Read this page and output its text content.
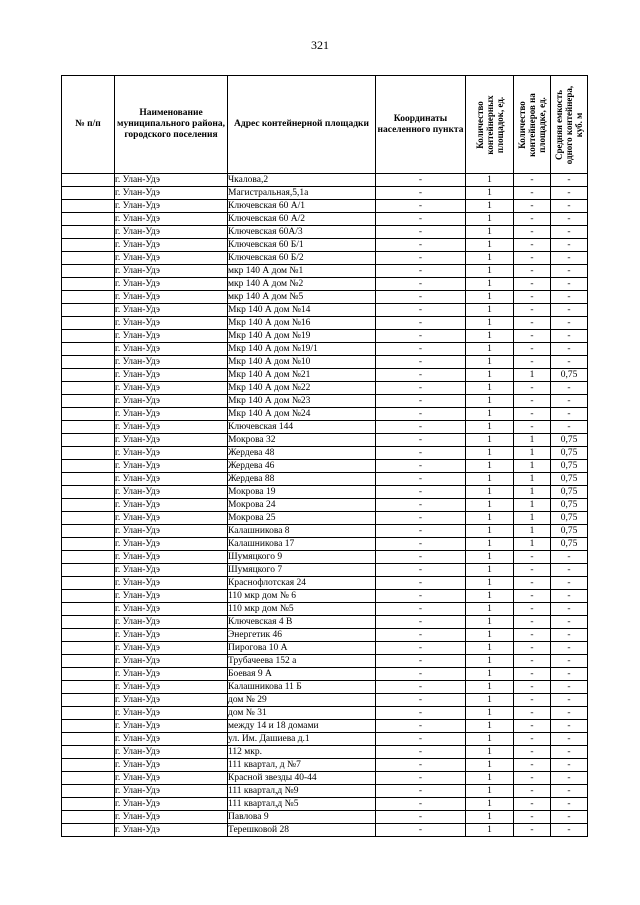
321
№ п/п	Наименование муниципального района, городского поселения	Адрес контейнерной площадки	Координаты населенного пункта	Количество контейнерных площадок, ед.	Количество контейнеров на площадке, ед.	Средняя емкость одного контейнера, куб. м

	г. Улан-Удэ	Чкалова,2	-	1	-	-
	г. Улан-Удэ	Магистральная,5,1а	-	1	-	-
	г. Улан-Удэ	Ключевская 60 А/1	-	1	-	-
	г. Улан-Удэ	Ключевская 60 А/2	-	1	-	-
	г. Улан-Удэ	Ключевская 60А/3	-	1	-	-
	г. Улан-Удэ	Ключевская 60 Б/1	-	1	-	-
	г. Улан-Удэ	Ключевская 60 Б/2	-	1	-	-
	г. Улан-Удэ	мкр 140 А дом №1	-	1	-	-
	г. Улан-Удэ	мкр 140 А дом №2	-	1	-	-
	г. Улан-Удэ	мкр 140 А дом №5	-	1	-	-
	г. Улан-Удэ	Мкр 140 А дом №14	-	1	-	-
	г. Улан-Удэ	Мкр 140 А дом №16	-	1	-	-
	г. Улан-Удэ	Мкр 140 А дом №19	-	1	-	-
	г. Улан-Удэ	Мкр 140 А дом №19/1	-	1	-	-
	г. Улан-Удэ	Мкр 140 А дом №10	-	1	-	-
	г. Улан-Удэ	Мкр 140 А дом №21	-	1	1	0,75
	г. Улан-Удэ	Мкр 140 А дом №22	-	1	-	-
	г. Улан-Удэ	Мкр 140 А дом №23	-	1	-	-
	г. Улан-Удэ	Мкр 140 А дом №24	-	1	-	-
	г. Улан-Удэ	Ключевская 144	-	1	-	-
	г. Улан-Удэ	Мокрова 32	-	1	1	0,75
	г. Улан-Удэ	Жердева 48	-	1	1	0,75
	г. Улан-Удэ	Жердева 46	-	1	1	0,75
	г. Улан-Удэ	Жердева 88	-	1	1	0,75
	г. Улан-Удэ	Мокрова 19	-	1	1	0,75
	г. Улан-Удэ	Мокрова 24	-	1	1	0,75
	г. Улан-Удэ	Мокрова 25	-	1	1	0,75
	г. Улан-Удэ	Калашникова 8	-	1	1	0,75
	г. Улан-Удэ	Калашникова 17	-	1	1	0,75
	г. Улан-Удэ	Шумяцкого 9	-	1	-	-
	г. Улан-Удэ	Шумяцкого 7	-	1	-	-
	г. Улан-Удэ	Краснофлотская 24	-	1	-	-
	г. Улан-Удэ	110 мкр дом № 6	-	1	-	-
	г. Улан-Удэ	110 мкр дом №5	-	1	-	-
	г. Улан-Удэ	Ключевская 4 В	-	1	-	-
	г. Улан-Удэ	Энергетик 46	-	1	-	-
	г. Улан-Удэ	Пирогова 10 А	-	1	-	-
	г. Улан-Удэ	Трубачеева 152 а	-	1	-	-
	г. Улан-Удэ	Боевая 9 А	-	1	-	-
	г. Улан-Удэ	Калашникова 11 Б	-	1	-	-
	г. Улан-Удэ	дом № 29	-	1	-	-
	г. Улан-Удэ	дом № 31	-	1	-	-
	г. Улан-Удэ	между 14 и 18 домами	-	1	-	-
	г. Улан-Удэ	ул. Им. Дашиева д.1	-	1	-	-
	г. Улан-Удэ	112 мкр.	-	1	-	-
	г. Улан-Удэ	111 квартал, д №7	-	1	-	-
	г. Улан-Удэ	Красной звезды 40-44	-	1	-	-
	г. Улан-Удэ	111 квартал,д №9	-	1	-	-
	г. Улан-Удэ	111 квартал,д №5	-	1	-	-
	г. Улан-Удэ	Павлова 9	-	1	-	-
	г. Улан-Удэ	Терешковой 28	-	1	-	-
